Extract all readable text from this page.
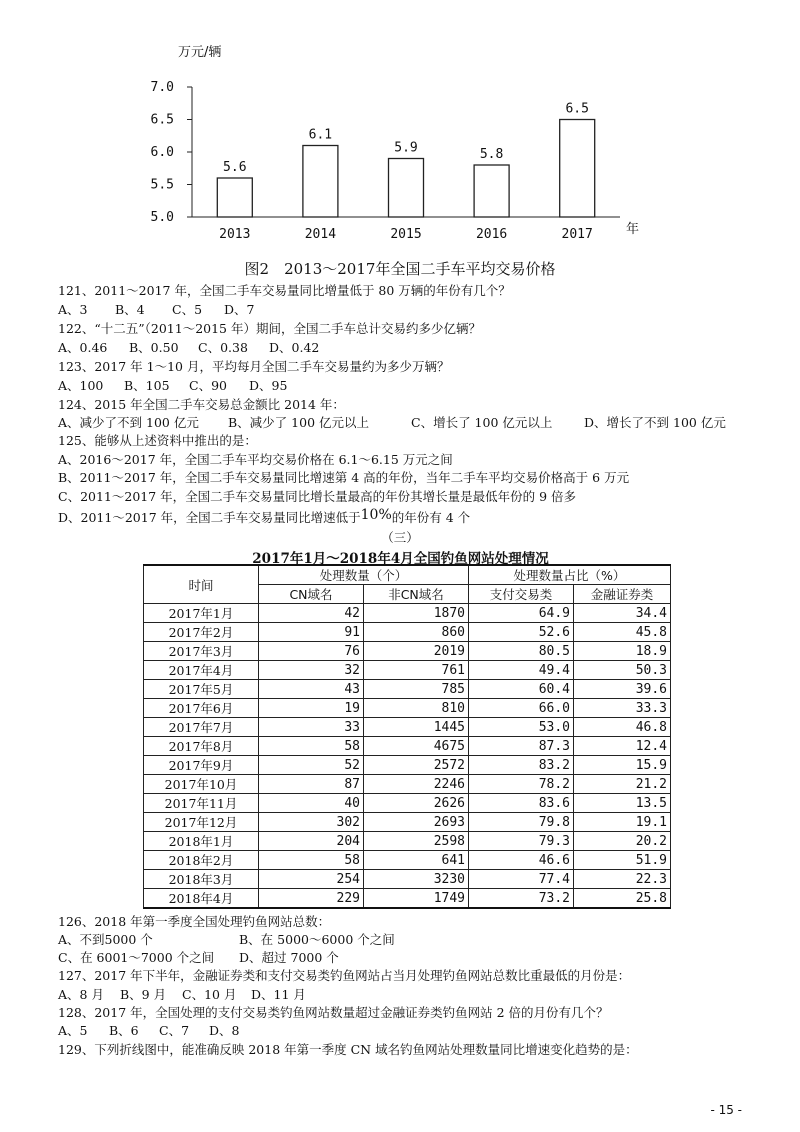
万元/辆
5.0
5.5
6.0
6.5
7.0
5.6
2013
6.1
2014
5.9
2015
5.8
2016
6.5
2017	年
图2　2013～2017年全国二手车平均交易价格
121、2011～2017 年，全国二手车交易量同比增量低于 80 万辆的年份有几个？
A、3 B、4 C、5 D、7
122、“十二五”（2011～2015 年）期间，全国二手车总计交易约多少亿辆？
A、0.46 B、0.50 C、0.38 D、0.42
123、2017 年 1～10 月，平均每月全国二手车交易量约为多少万辆？
A、100 B、105 C、90 D、95
124、2015 年全国二手车交易总金额比 2014 年：
A、减少了不到 100 亿元 B、减少了 100 亿元以上	C、增长了 100 亿元以上	D、增长了不到 100 亿元
125、能够从上述资料中推出的是：
A、2016～2017 年，全国二手车平均交易价格在 6.1～6.15 万元之间
B、2011～2017 年，全国二手车交易量同比增速第 4 高的年份，当年二手车平均交易价格高于 6 万元
C、2011～2017 年，全国二手车交易量同比增长量最高的年份其增长量是最低年份的 9 倍多
D、2011～2017 年，全国二手车交易量同比增速低于10%的年份有 4 个
（三）
2017年1月～2018年4月全国钓鱼网站处理情况
时间	处理数量（个）		处理数量占比（%）	
	CN域名	非CN域名	支付交易类	金融证券类
2017年1月	42	1870	64.9	34.4
2017年2月	91	860	52.6	45.8
2017年3月	76	2019	80.5	18.9
2017年4月	32	761	49.4	50.3
2017年5月	43	785	60.4	39.6
2017年6月	19	810	66.0	33.3
2017年7月	33	1445	53.0	46.8
2017年8月	58	4675	87.3	12.4
2017年9月	52	2572	83.2	15.9
2017年10月	87	2246	78.2	21.2
2017年11月	40	2626	83.6	13.5
2017年12月	302	2693	79.8	19.1
2018年1月	204	2598	79.3	20.2
2018年2月	58	641	46.6	51.9
2018年3月	254	3230	77.4	22.3
2018年4月	229	1749	73.2	25.8
126、2018 年第一季度全国处理钓鱼网站总数：
A、不到5000 个	B、在 5000～6000 个之间
C、在 6001～7000 个之间 D、超过 7000 个
127、2017 年下半年，金融证券类和支付交易类钓鱼网站占当月处理钓鱼网站总数比重最低的月份是：
A、8 月 B、9 月 C、10 月 D、11 月
128、2017 年，全国处理的支付交易类钓鱼网站数量超过金融证券类钓鱼网站 2 倍的月份有几个？
A、5 B、6 C、7 D、8
129、下列折线图中，能准确反映 2018 年第一季度 CN 域名钓鱼网站处理数量同比增速变化趋势的是：
- 15 -
